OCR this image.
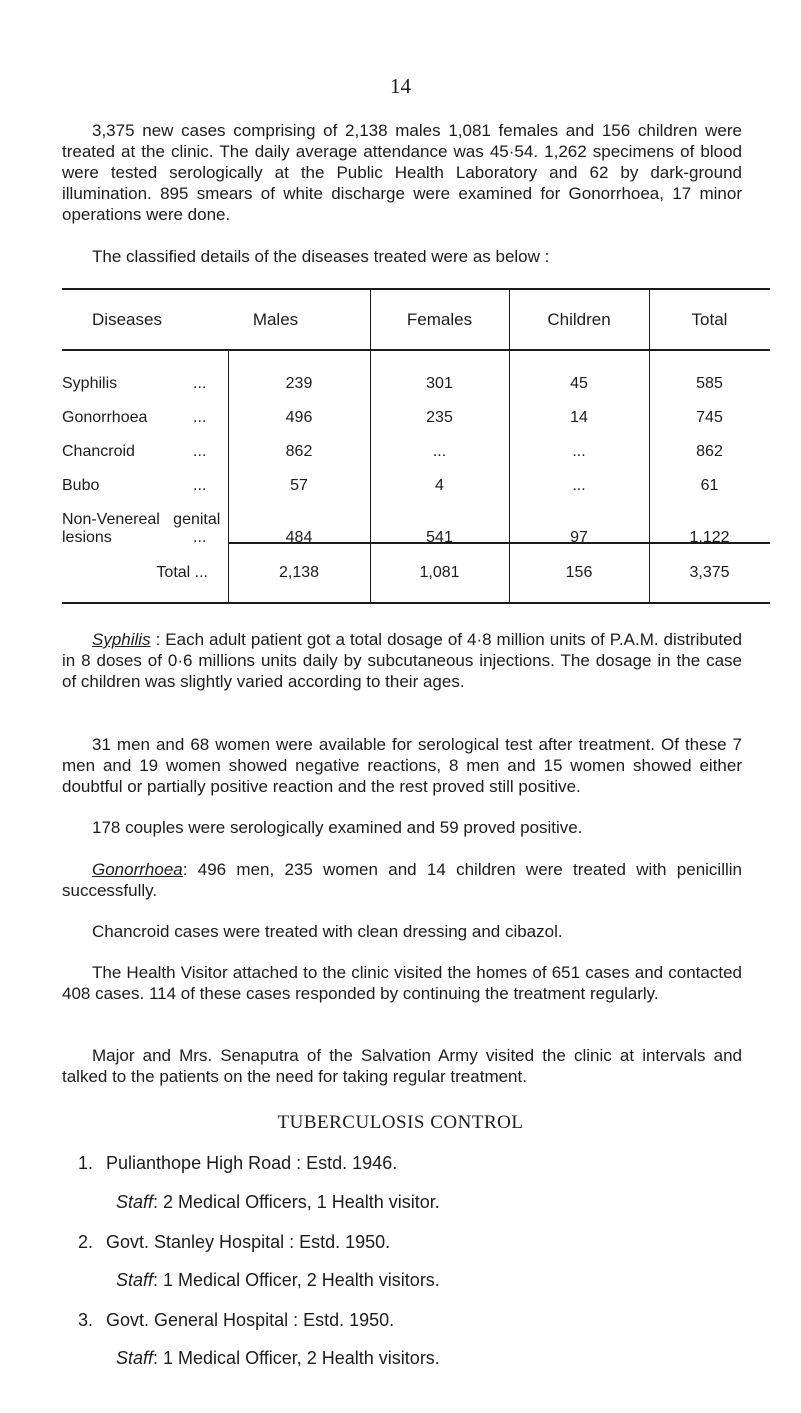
14

3,375 new cases comprising of 2,138 males 1,081 females and 156 children were treated at the clinic. The daily average attendance was 45·54. 1,262 specimens of blood were tested serologically at the Public Health Laboratory and 62 by dark-ground illumination. 895 smears of white discharge were examined for Gonorrhoea, 17 minor operations were done.

The classified details of the diseases treated were as below :

Diseases	Males	Females	Children	Total
Syphilis	...	239	301	45	585
Gonorrhoea	...	496	235	14	745
Chancroid	...	862	...	...	862
Bubo	...	57	4	...	61
Non-Venereal   genital
lesions	...	484	541	97	1,122
Total ...	2,138	1,081	156	3,375

Syphilis : Each adult patient got a total dosage of 4·8 million units of P.A.M. distributed in 8 doses of 0·6 millions units daily by subcutaneous injections. The dosage in the case of children was slightly varied according to their ages.

31 men and 68 women were available for serological test after treatment. Of these 7 men and 19 women showed negative reactions, 8 men and 15 women showed either doubtful or partially positive reaction and the rest proved still positive.

178 couples were serologically examined and 59 proved positive.

Gonorrhoea: 496 men, 235 women and 14 children were treated with penicillin successfully.

Chancroid cases were treated with clean dressing and cibazol.

The Health Visitor attached to the clinic visited the homes of 651 cases and contacted 408 cases. 114 of these cases responded by continuing the treatment regularly.

Major and Mrs. Senaputra of the Salvation Army visited the clinic at intervals and talked to the patients on the need for taking regular treatment.

TUBERCULOSIS CONTROL
1. Pulianthope High Road : Estd. 1946.
Staff: 2 Medical Officers, 1 Health visitor.
2. Govt. Stanley Hospital : Estd. 1950.
Staff: 1 Medical Officer, 2 Health visitors.
3. Govt. General Hospital : Estd. 1950.
Staff: 1 Medical Officer, 2 Health visitors.
